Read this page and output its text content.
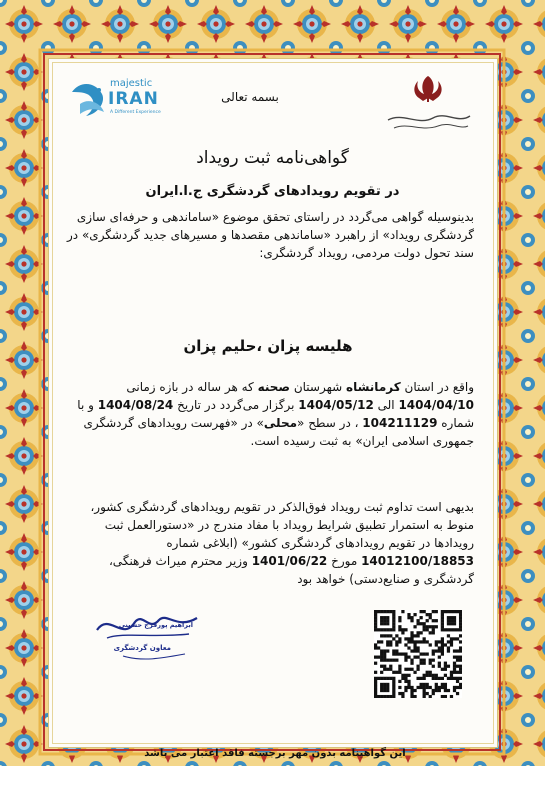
majestic
IRAN
A Different Experience

بسمه تعالی

گواهی‌نامه ثبت رویداد

در تقویم رویدادهای گردشگری ج.ا.ایران

بدینوسیله گواهی می‌گردد در راستای تحقق موضوع «ساماندهی و حرفه‌ای سازی گردشگری رویداد» از راهبرد «ساماندهی مقصدها و مسیرهای جدید گردشگری» در سند تحول دولت مردمی، رویداد گردشگری:

هلیسه پزان ،حلیم پزان

واقع در استان کرمانشاه شهرستان صحنه که هر ساله در بازه زمانی 1404/04/10 الی 1404/05/12 برگزار می‌گردد در تاریخ 1404/08/24 و با شماره 104211129 ، در سطح «محلی» در «فهرست رویدادهای گردشگری جمهوری اسلامی ایران» به ثبت رسیده است.

بدیهی است تداوم ثبت رویداد فوق‌الذکر در تقویم رویدادهای گردشگری کشور، منوط به استمرار تطبیق شرایط رویداد با مفاد مندرج در «دستورالعمل ثبت رویدادها در تقویم رویدادهای گردشگری کشور» (ابلاغی شماره 14012100/18853 مورخ 1401/06/22 وزیر محترم میراث فرهنگی، گردشگری و صنایع‌دستی) خواهد بود

ابراهیم پورفرج حسینی
معاون گردشگری

این گواهینامه بدون مهر برجسته فاقد اعتبار می باشد
